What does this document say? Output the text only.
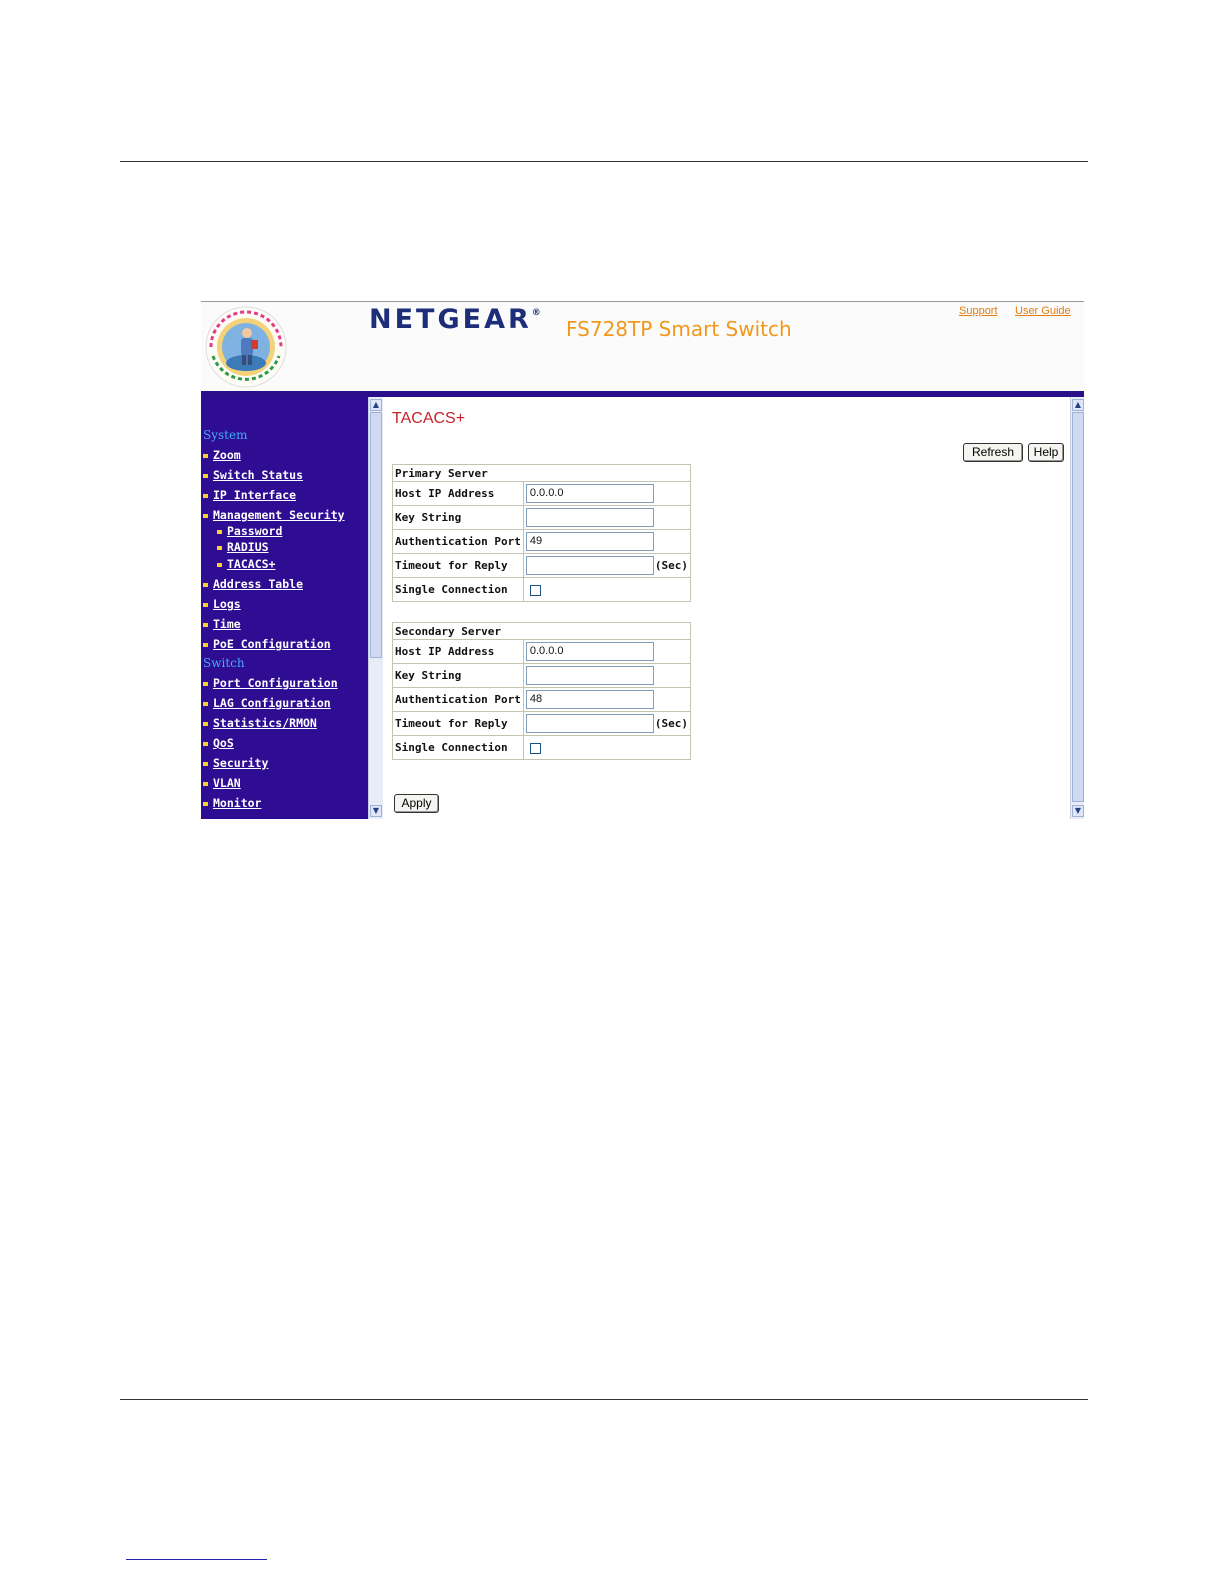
NETGEAR®
FS728TP Smart Switch
Support User Guide
System
Zoom
Switch Status
IP Interface
Management Security
Password
RADIUS
TACACS+
Address Table
Logs
Time
PoE Configuration
Switch
Port Configuration
LAG Configuration
Statistics/RMON
QoS
Security
VLAN
Monitor
▲
▼
TACACS+
Refresh	Help
Primary Server	
Host IP Address	0.0.0.0
Key String	
Authentication Port	49
Timeout for Reply	(Sec)
Single Connection	
Secondary Server	
Host IP Address	0.0.0.0
Key String	
Authentication Port	48
Timeout for Reply	(Sec)
Single Connection	
Apply
▲
▼
